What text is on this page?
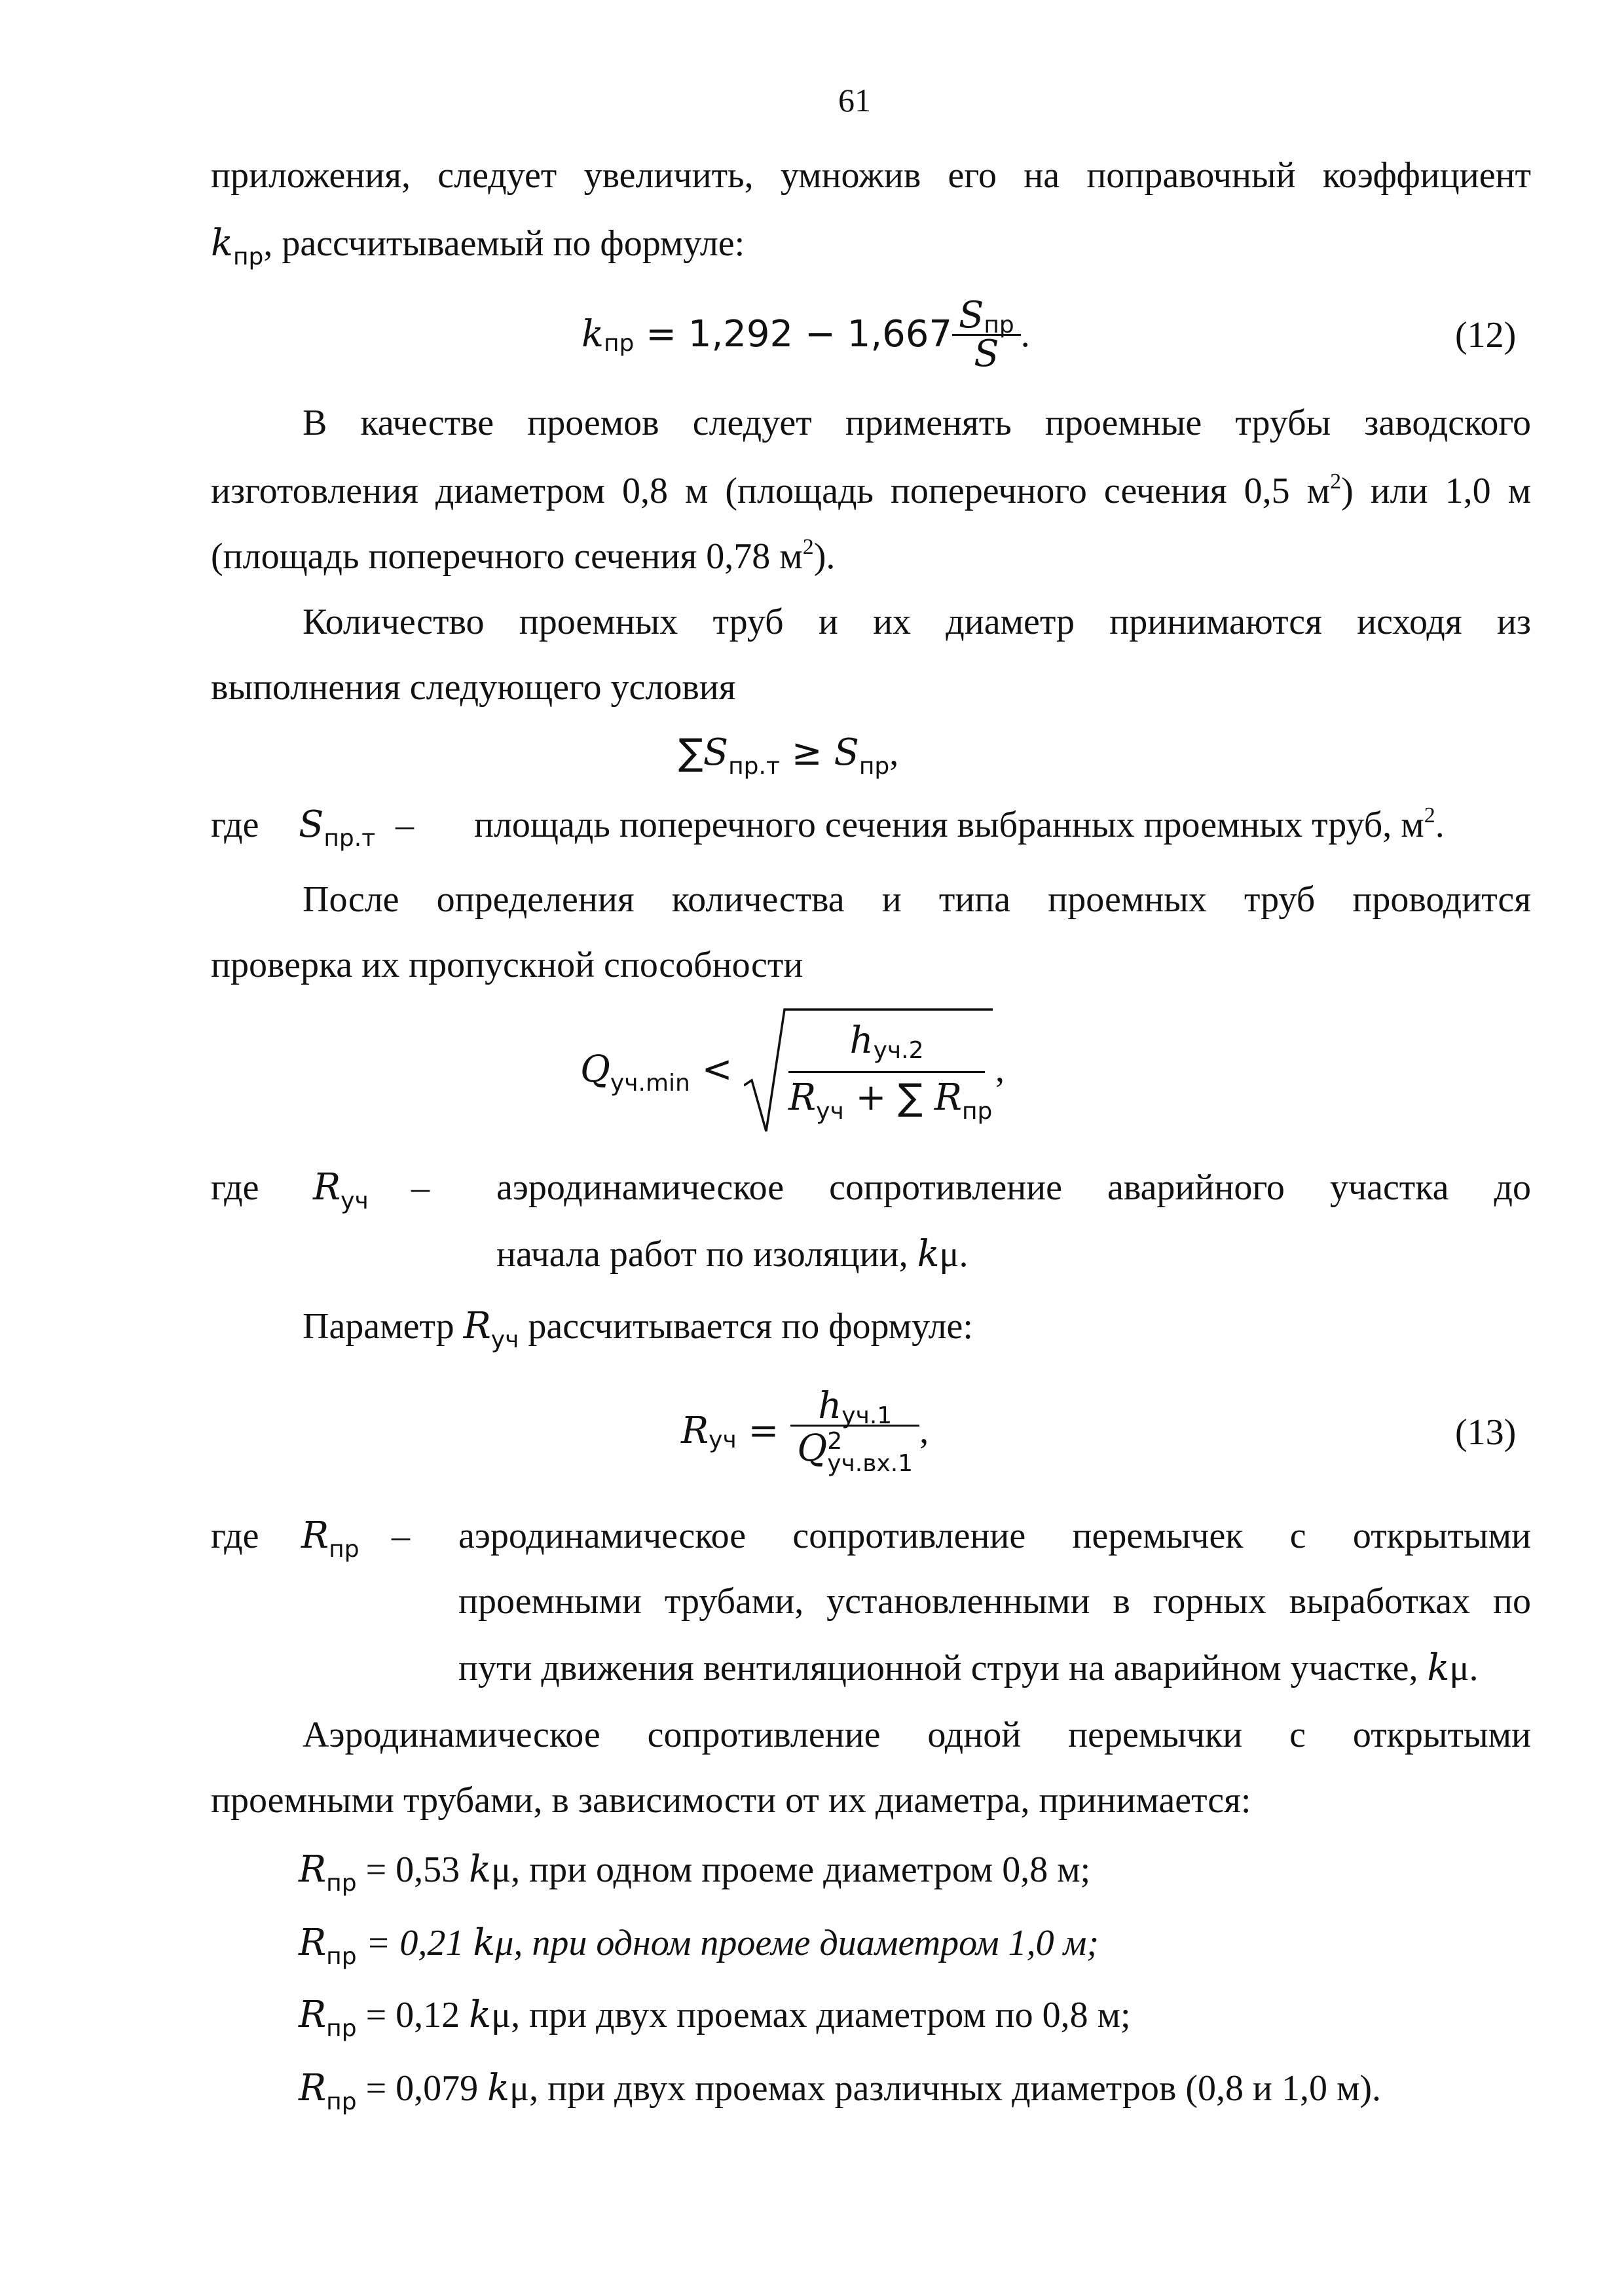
61
приложения, следует увеличить, умножив его на поправочный коэффициент
$k_{пр}$, рассчитываемый по формуле:
k пр = $1,292 - 1,667 \frac{\text{Sпр}}{S}$ .	(12)
В качестве проемов следует применять проемные трубы заводского
изготовления диаметром 0,8 м (площадь поперечного сечения 0,5 $м^2$) или 1,0 м
(площадь поперечного сечения 0,78 $м^2$).
Количество проемных труб и их диаметр принимаются исходя из
выполнения следующего условия
$\sum S_{пр.т} \ge S_{пр}$,
где $S_{пр.т}$ – площадь поперечного сечения выбранных проемных труб, $м^2$.
После определения количества и типа проемных труб проводится
проверка их пропускной способности
$Q_{уч.min}$ <
hуч.2
$R_{уч}$ + ∑ $R_{пр}$
,
где $R_{уч}$ – аэродинамическое сопротивление аварийного участка до
начала работ по изоляции, kμ.
Параметр $R_{уч}$ рассчитывается по формуле:
R уч = hуч.1
Q 2
уч.вх.1 ,	(13)
где $R_{пр}$ – аэродинамическое сопротивление перемычек с открытыми
проемными трубами, установленными в горных выработках по
пути движения вентиляционной струи на аварийном участке, kμ.
Аэродинамическое сопротивление одной перемычки с открытыми
проемными трубами, в зависимости от их диаметра, принимается:
$R_{пр} = 0,53$ kμ, при одном проеме диаметром 0,8 м;
$R_{пр} = 0,21$ kμ, при одном проеме диаметром 1,0 м;
$R_{пр} = 0,12$ kμ, при двух проемах диаметром по 0,8 м;
$R_{пр} = 0,079$ kμ, при двух проемах различных диаметров (0,8 и 1,0 м).
